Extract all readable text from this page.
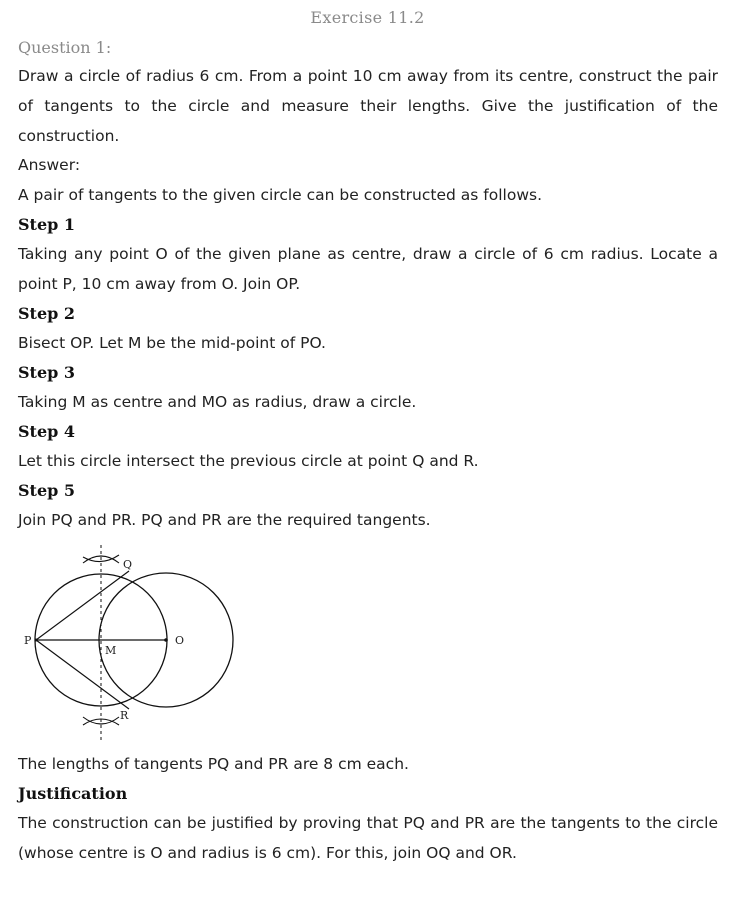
Exercise 11.2
Question 1:

Draw a circle of radius 6 cm. From a point 10 cm away from its centre, construct the pair of tangents to the circle and measure their lengths. Give the justification of the construction.

Answer:

A pair of tangents to the given circle can be constructed as follows.

Step 1

Taking any point O of the given plane as centre, draw a circle of 6 cm radius. Locate a point P, 10 cm away from O. Join OP.

Step 2

Bisect OP. Let M be the mid-point of PO.

Step 3

Taking M as centre and MO as radius, draw a circle.

Step 4

Let this circle intersect the previous circle at point Q and R.

Step 5

Join PQ and PR. PQ and PR are the required tangents.

P
Q
R
M
O

The lengths of tangents PQ and PR are 8 cm each.

Justification

The construction can be justified by proving that PQ and PR are the tangents to the circle (whose centre is O and radius is 6 cm). For this, join OQ and OR.
